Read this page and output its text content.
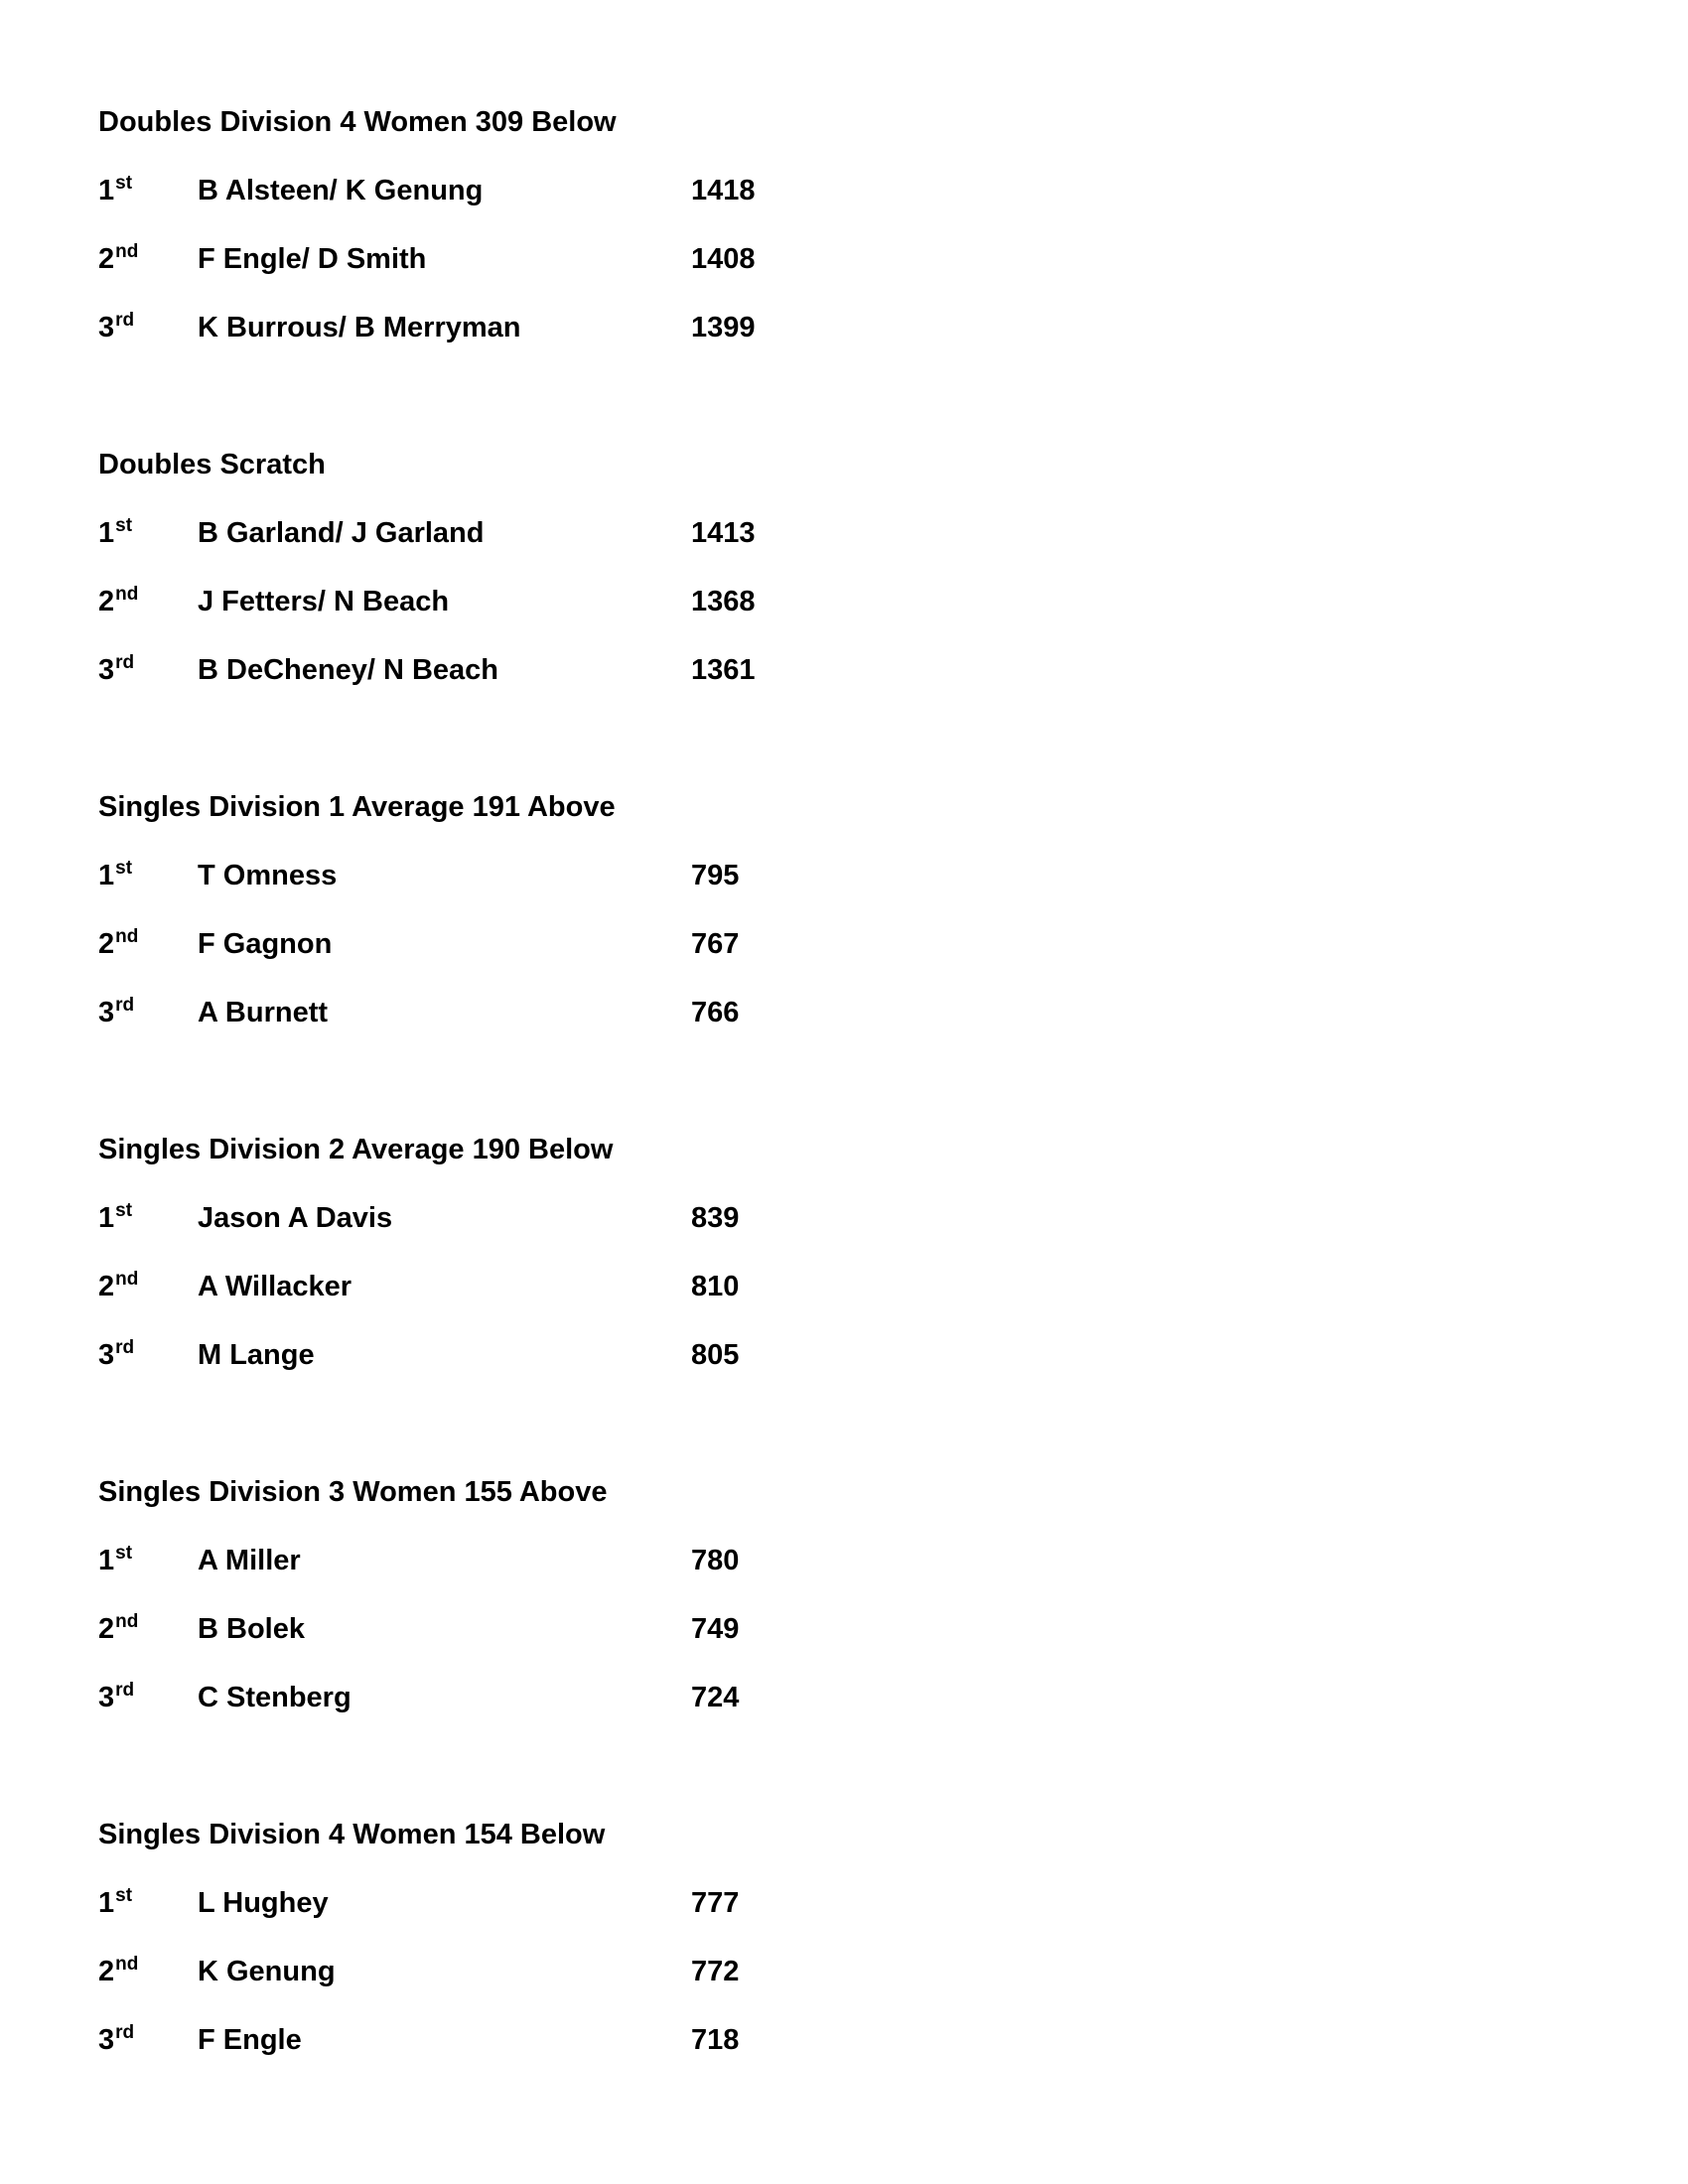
Doubles Division 4 Women 309 Below
1st	B Alsteen/ K Genung	1418
2nd	F Engle/ D Smith	1408
3rd	K Burrous/ B Merryman	1399
Doubles Scratch
1st	B Garland/ J Garland	1413
2nd	J Fetters/ N Beach	1368
3rd	B DeCheney/ N Beach	1361
Singles Division 1 Average 191 Above
1st	T Omness	795
2nd	F Gagnon	767
3rd	A Burnett	766
Singles Division 2 Average 190 Below
1st	Jason A Davis	839
2nd	A Willacker	810
3rd	M Lange	805
Singles Division 3 Women 155 Above
1st	A Miller	780
2nd	B Bolek	749
3rd	C Stenberg	724
Singles Division 4 Women 154 Below
1st	L Hughey	777
2nd	K Genung	772
3rd	F Engle	718
